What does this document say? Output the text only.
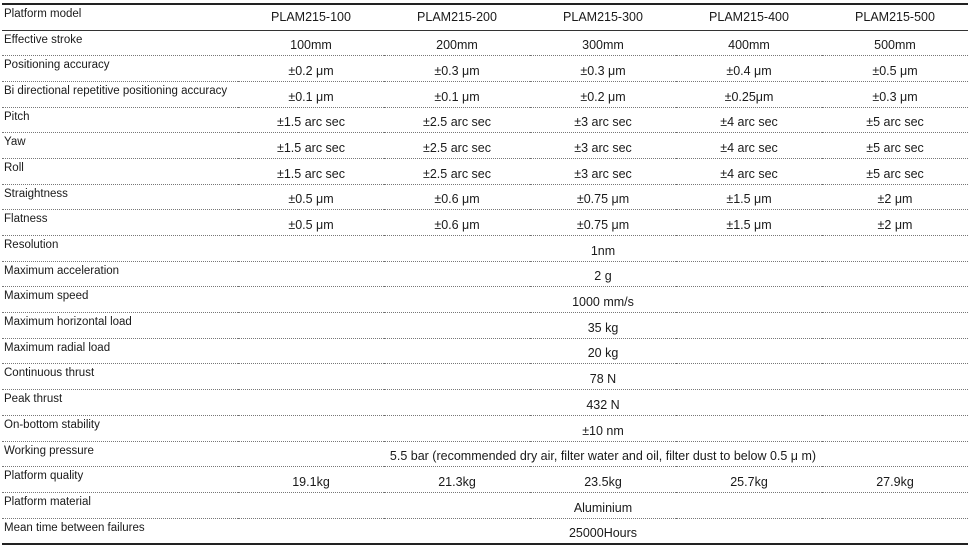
Platform model	PLAM215-100	PLAM215-200	PLAM215-300	PLAM215-400	PLAM215-500
Effective stroke	100mm	200mm	300mm	400mm	500mm
Positioning accuracy	±0.2 μm	±0.3 μm	±0.3 μm	±0.4 μm	±0.5 μm
Bi directional repetitive positioning accuracy	±0.1 μm	±0.1 μm	±0.2 μm	±0.25μm	±0.3 μm
Pitch	±1.5 arc sec	±2.5 arc sec	±3 arc sec	±4 arc sec	±5 arc sec
Yaw	±1.5 arc sec	±2.5 arc sec	±3 arc sec	±4 arc sec	±5 arc sec
Roll	±1.5 arc sec	±2.5 arc sec	±3 arc sec	±4 arc sec	±5 arc sec
Straightness	±0.5 μm	±0.6 μm	±0.75 μm	±1.5 μm	±2 μm
Flatness	±0.5 μm	±0.6 μm	±0.75 μm	±1.5 μm	±2 μm
Resolution	1nm				
Maximum acceleration	2 g				
Maximum speed	1000 mm/s				
Maximum horizontal load	35 kg				
Maximum radial load	20 kg				
Continuous thrust	78 N				
Peak thrust	432 N				
On-bottom stability	±10 nm				
Working pressure	5.5 bar (recommended dry air, filter water and oil, filter dust to below 0.5 μ m)				
Platform quality	19.1kg	21.3kg	23.5kg	25.7kg	27.9kg
Platform material	Aluminium				
Mean time between failures	25000Hours				
